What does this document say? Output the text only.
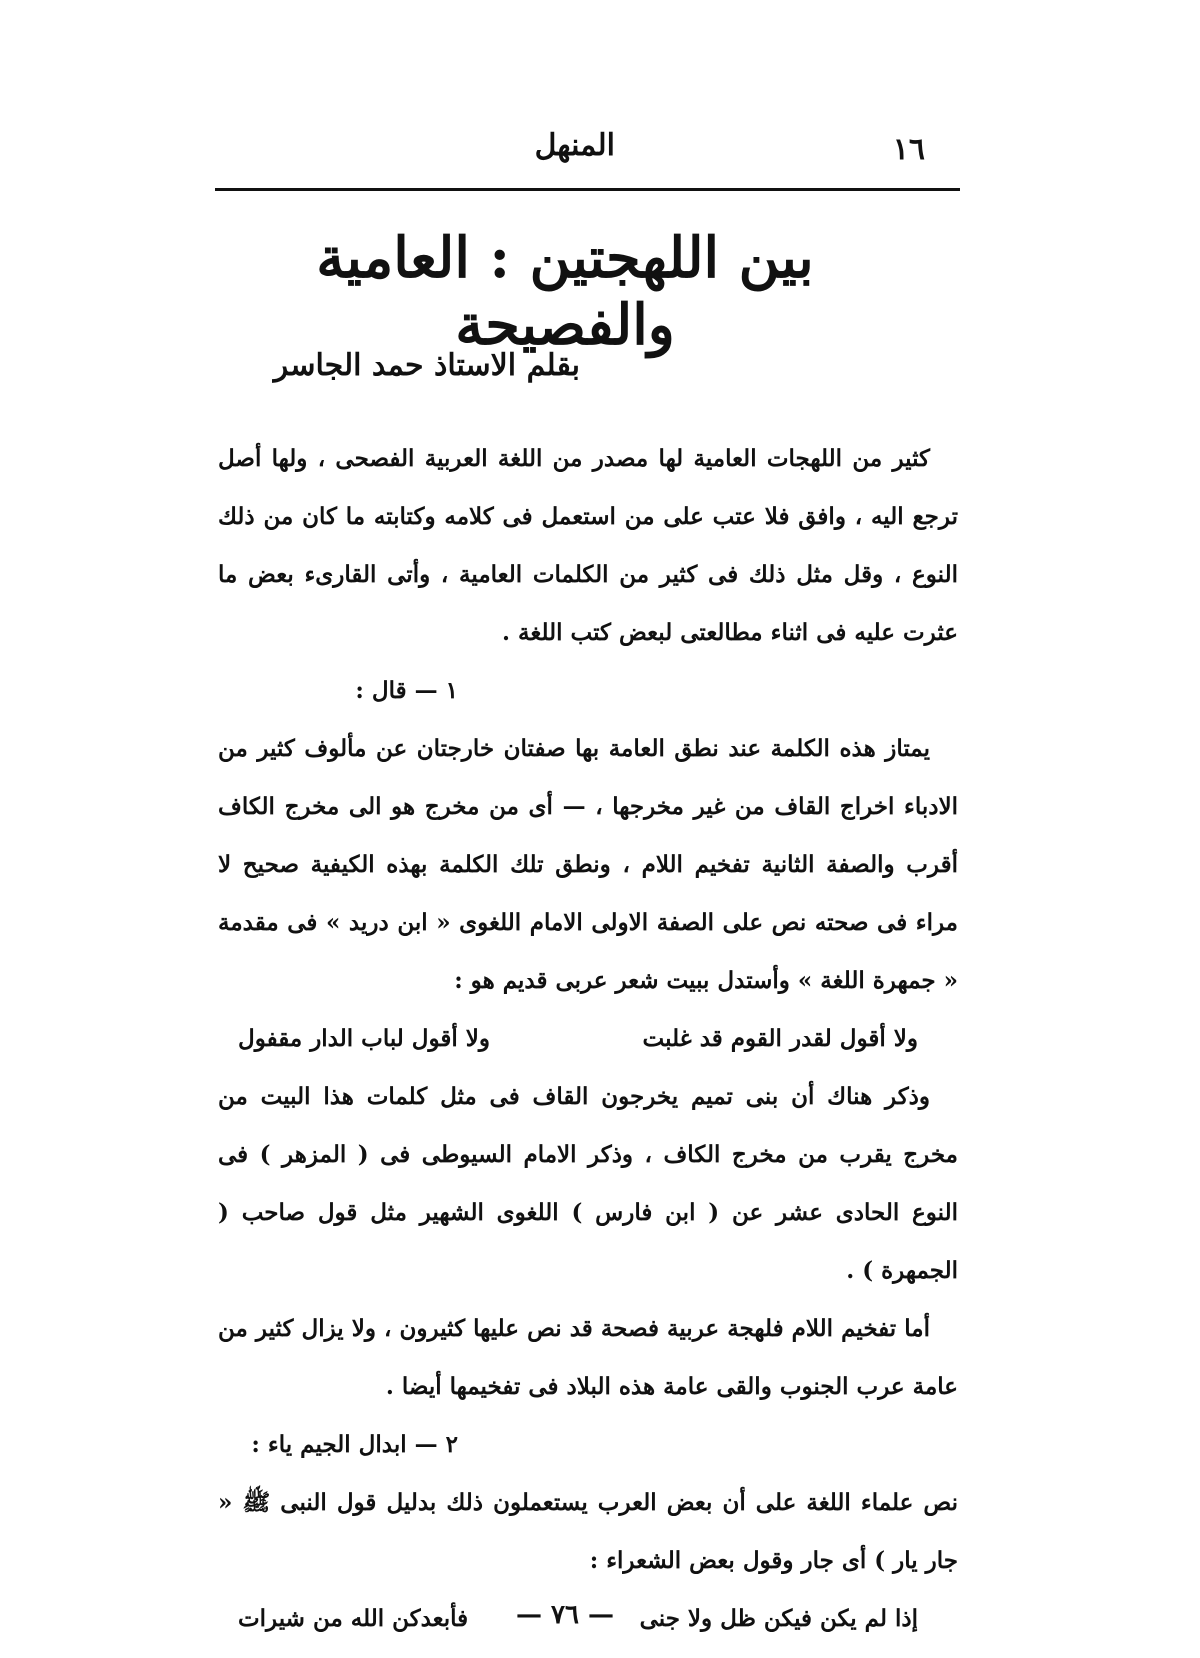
١٦
المنهل
بين اللهجتين : العامية والفصيحة
بقلم الاستاذ حمد الجاسر

كثير من اللهجات العامية لها مصدر من اللغة العربية الفصحى ، ولها أصل ترجع اليه ، وافق فلا عتب على من استعمل فى كلامه وكتابته ما كان من ذلك النوع ، وقل مثل ذلك فى كثير من الكلمات العامية ، وأتى القارىء بعض ما عثرت عليه فى اثناء مطالعتى لبعض كتب اللغة .

١ — قال :

يمتاز هذه الكلمة عند نطق العامة بها صفتان خارجتان عن مألوف كثير من الادباء اخراج القاف من غير مخرجها ، — أى من مخرج هو الى مخرج الكاف أقرب والصفة الثانية تفخيم اللام ، ونطق تلك الكلمة بهذه الكيفية صحيح لا مراء فى صحته نص على الصفة الاولى الامام اللغوى « ابن دريد » فى مقدمة « جمهرة اللغة » وأستدل ببيت شعر عربى قديم هو :

ولا أقول لقدر القوم قد غلبت
ولا أقول لباب الدار مقفول

وذكر هناك أن بنى تميم يخرجون القاف فى مثل كلمات هذا البيت من مخرج يقرب من مخرج الكاف ، وذكر الامام السيوطى فى ( المزهر ) فى النوع الحادى عشر عن ( ابن فارس ) اللغوى الشهير مثل قول صاحب ( الجمهرة ) .

أما تفخيم اللام فلهجة عربية فصحة قد نص عليها كثيرون ، ولا يزال كثير من عامة عرب الجنوب والقى عامة هذه البلاد فى تفخيمها أيضا .

٢ — ابدال الجيم ياء :

نص علماء اللغة على أن بعض العرب يستعملون ذلك بدليل قول النبى ﷺ « جار يار ) أى جار وقول بعض الشعراء :

إذا لم يكن فيكن ظل ولا جنى
فأبعدكن الله من شيرات	— ٧٦ —
